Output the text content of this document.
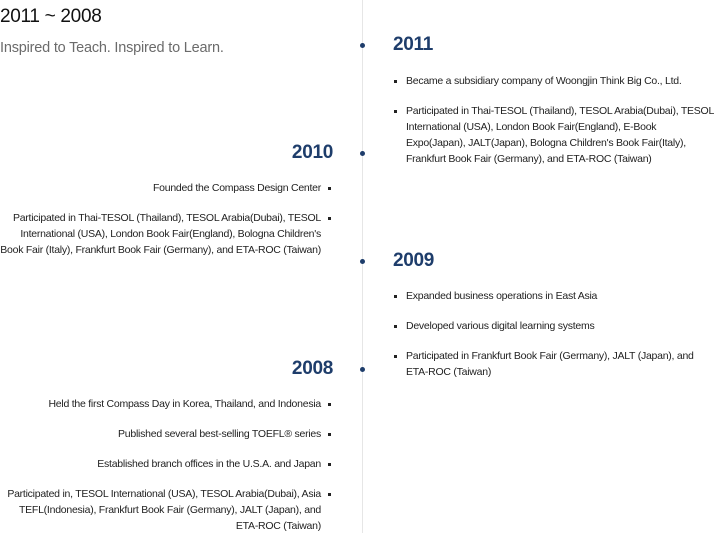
2011 ~ 2008
Inspired to Teach. Inspired to Learn.	2011
Became a subsidiary company of Woongjin Think Big Co., Ltd.
Participated in Thai-TESOL (Thailand), TESOL Arabia(Dubai), TESOL International (USA), London Book Fair(England), E-Book Expo(Japan), JALT(Japan), Bologna Children's Book Fair(Italy), Frankfurt Book Fair (Germany), and ETA-ROC (Taiwan)
2010
Founded the Compass Design Center
Participated in Thai-TESOL (Thailand), TESOL Arabia(Dubai), TESOL International (USA), London Book Fair(England), Bologna Children's Book Fair (Italy), Frankfurt Book Fair (Germany), and ETA-ROC (Taiwan)	2009
Expanded business operations in East Asia
Developed various digital learning systems
Participated in Frankfurt Book Fair (Germany), JALT (Japan), and ETA-ROC (Taiwan)
2008
Held the first Compass Day in Korea, Thailand, and Indonesia
Published several best-selling TOEFL® series
Established branch offices in the U.S.A. and Japan
Participated in, TESOL International (USA), TESOL Arabia(Dubai), Asia TEFL(Indonesia), Frankfurt Book Fair (Germany), JALT (Japan), and ETA-ROC (Taiwan)
